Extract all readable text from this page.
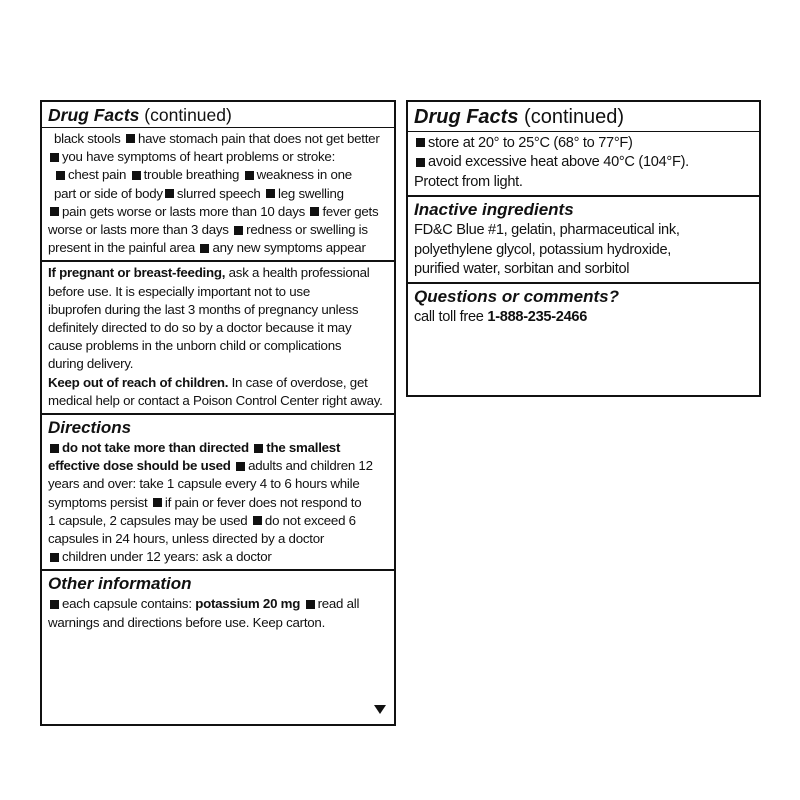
Drug Facts (continued)
black stools have stomach pain that does not get better
you have symptoms of heart problems or stroke:
chest pain trouble breathing weakness in one
part or side of body slurred speech leg swelling
pain gets worse or lasts more than 10 days fever gets
worse or lasts more than 3 days redness or swelling is
present in the painful area any new symptoms appear
If pregnant or breast-feeding, ask a health professional
before use. It is especially important not to use
ibuprofen during the last 3 months of pregnancy unless
definitely directed to do so by a doctor because it may
cause problems in the unborn child or complications
during delivery.
Keep out of reach of children. In case of overdose, get
medical help or contact a Poison Control Center right away.
Directions
do not take more than directed the smallest
effective dose should be used adults and children 12
years and over: take 1 capsule every 4 to 6 hours while
symptoms persist if pain or fever does not respond to
1 capsule, 2 capsules may be used do not exceed 6
capsules in 24 hours, unless directed by a doctor
children under 12 years: ask a doctor
Other information
each capsule contains: potassium 20 mg read all
warnings and directions before use. Keep carton.
Drug Facts (continued)
store at 20° to 25°C (68° to 77°F)
avoid excessive heat above 40°C (104°F).
Protect from light.
Inactive ingredients
FD&C Blue #1, gelatin, pharmaceutical ink,
polyethylene glycol, potassium hydroxide,
purified water, sorbitan and sorbitol
Questions or comments?
call toll free 1-888-235-2466
